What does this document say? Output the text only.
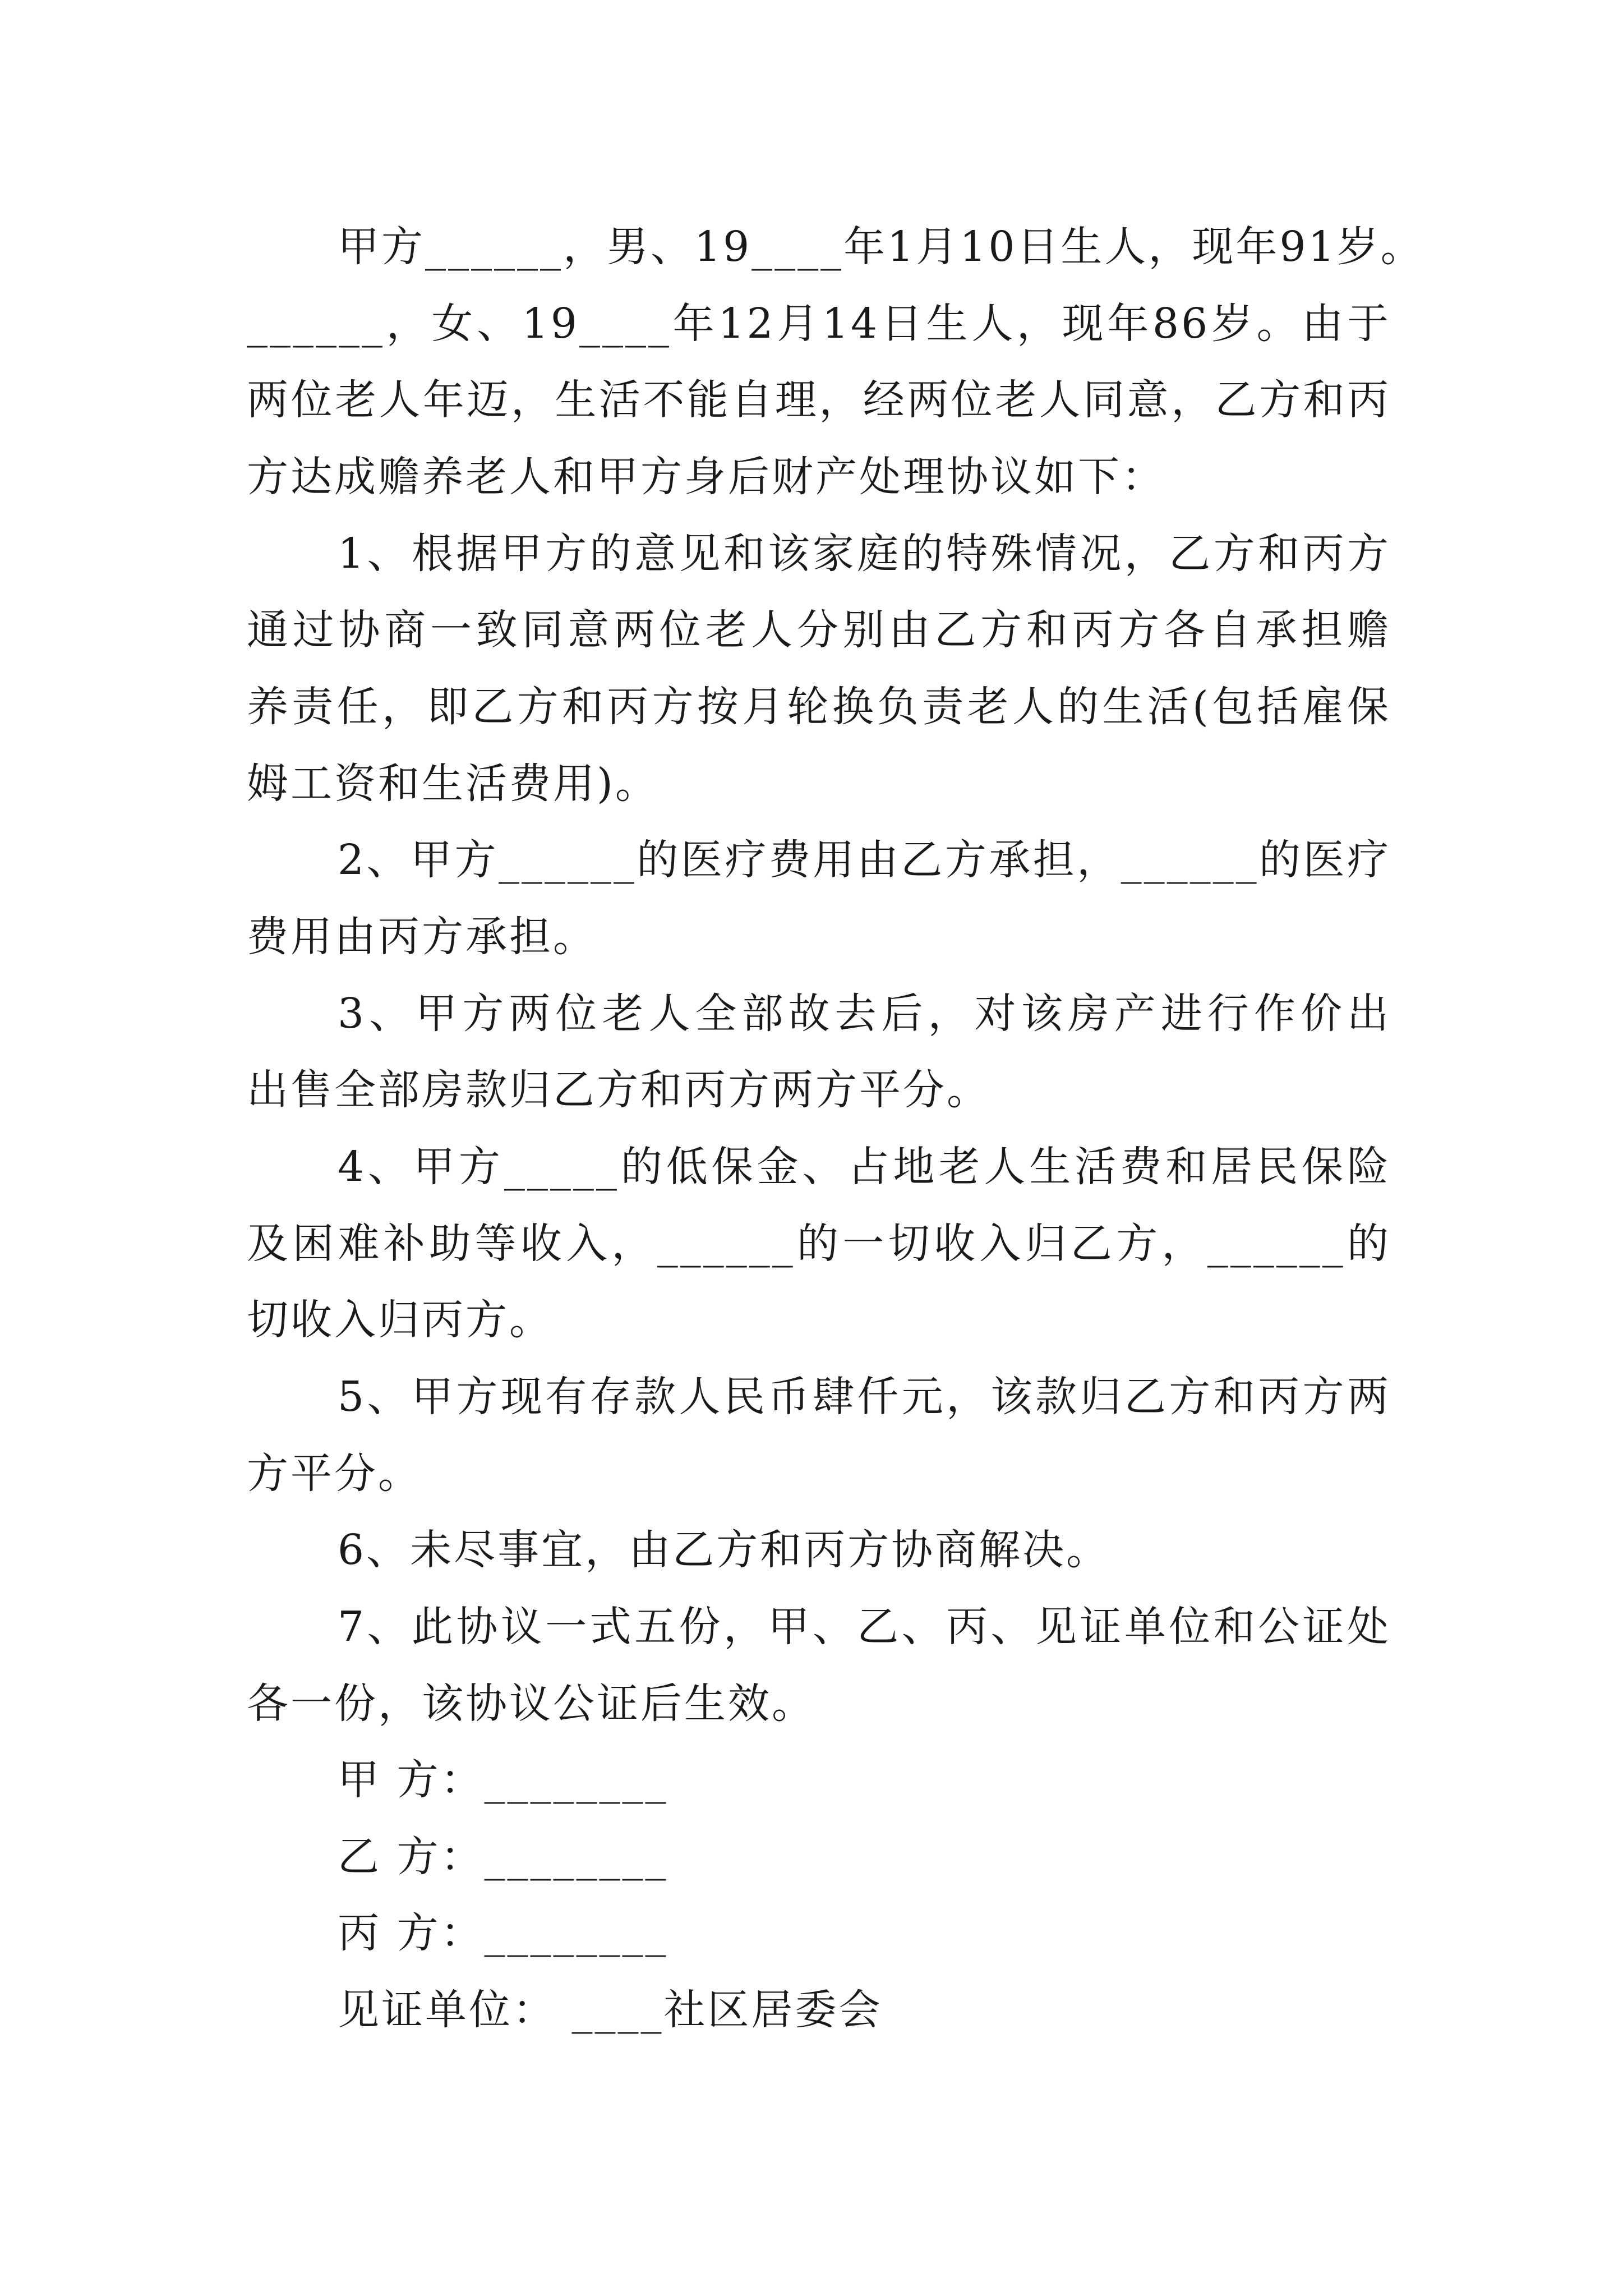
甲方______，男、19____年1月10日生人，现年91岁。
______，女、19____年12月14日生人，现年86岁。由于
两位老人年迈，生活不能自理，经两位老人同意，乙方和丙
方达成赡养老人和甲方身后财产处理协议如下：
1、根据甲方的意见和该家庭的特殊情况，乙方和丙方
通过协商一致同意两位老人分别由乙方和丙方各自承担赡
养责任，即乙方和丙方按月轮换负责老人的生活(包括雇保
姆工资和生活费用)。
2、甲方______的医疗费用由乙方承担，______的医疗
费用由丙方承担。
3、甲方两位老人全部故去后，对该房产进行作价出
出售全部房款归乙方和丙方两方平分。
4、甲方_____的低保金、占地老人生活费和居民保险
及困难补助等收入，______的一切收入归乙方，______的
切收入归丙方。
5、甲方现有存款人民币肆仟元，该款归乙方和丙方两
方平分。
6、未尽事宜，由乙方和丙方协商解决。
7、此协议一式五份，甲、乙、丙、见证单位和公证处
各一份，该协议公证后生效。
甲 方：________
乙 方：________
丙 方：________
见证单位： ____社区居委会
